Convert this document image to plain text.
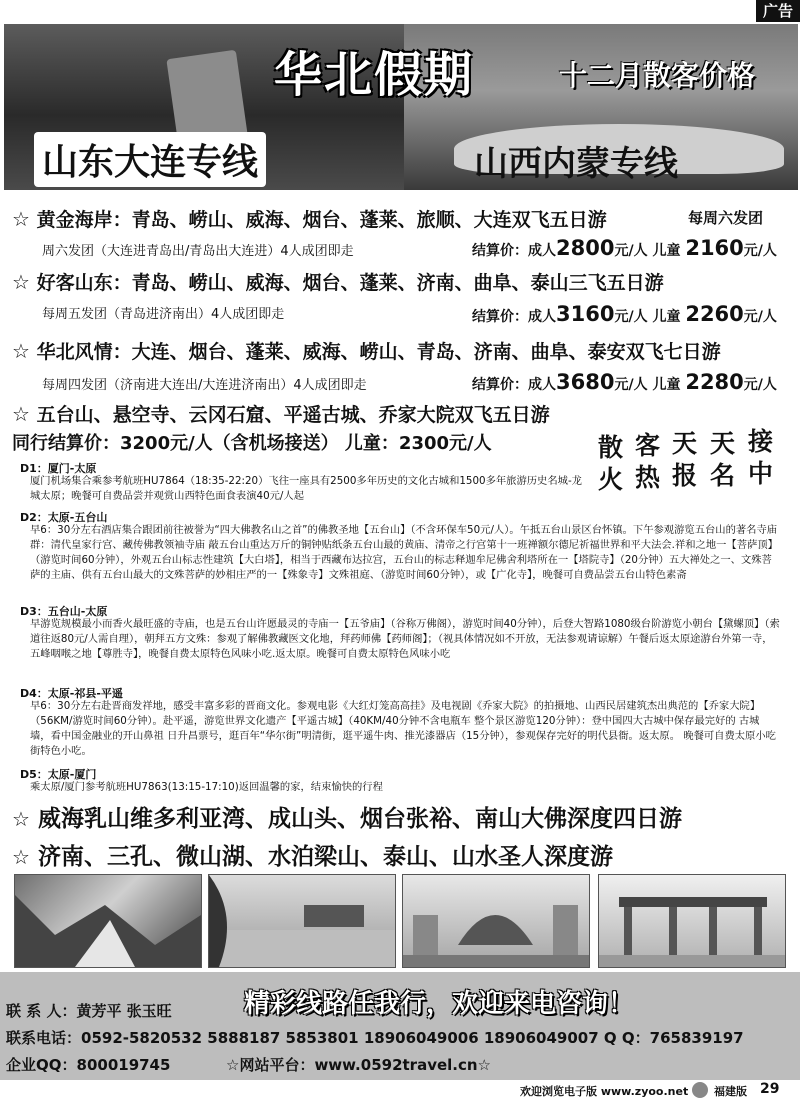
广告
华北假期	十二月散客价格
山东大连专线	山西内蒙专线
☆ 黄金海岸：青岛、崂山、威海、烟台、蓬莱、旅顺、大连双飞五日游	每周六发团
周六发团（大连进青岛出/青岛出大连进）4人成团即走	结算价：成人2800元/人 儿童 2160元/人
☆ 好客山东：青岛、崂山、威海、烟台、蓬莱、济南、曲阜、泰山三飞五日游
每周五发团（青岛进济南出）4人成团即走	结算价：成人3160元/人 儿童 2260元/人
☆ 华北风情：大连、烟台、蓬莱、威海、崂山、青岛、济南、曲阜、泰安双飞七日游
每周四发团（济南进大连出/大连进济南出）4人成团即走	结算价：成人3680元/人 儿童 2280元/人
☆ 五台山、悬空寺、云冈石窟、平遥古城、乔家大院双飞五日游
同行结算价：3200元/人（含机场接送） 儿童：2300元/人	散 客 天 天 接
火 热 报 名 中
D1：厦门-太原
厦门机场集合乘参考航班HU7864（18:35-22:20）飞往一座具有2500多年历史的文化古城和1500多年旅游历史名城-龙城太原；晚餐可自费品尝并观赏山西特色面食表演40元/人起
D2：太原-五台山
早6：30分左右酒店集合跟团前往被誉为“四大佛教名山之首”的佛教圣地【五台山】（不含环保车50元/人）。午抵五台山景区台怀镇。下午参观游览五台山的著名寺庙群：清代皇家行宫、藏传佛教领袖寺庙 敲五台山重达万斤的铜钟贴纸条五台山最的黄庙、清帝之行宫第十一班禅额尔德尼祈福世界和平大法会.祥和之地一【菩萨顶】（游览时间60分钟），外观五台山标志性建筑【大白塔】，相当于西藏布达拉宫，五台山的标志释迦牟尼佛舍利塔所在一【塔院寺】（20分钟）五大禅处之一、文殊菩萨的主庙、供有五台山最大的文殊菩萨的妙相庄严的一【殊象寺】文殊祖庭、（游览时间60分钟），或【广化寺】，晚餐可自费品尝五台山特色素斋
D3：五台山-太原
早游览规模最小而香火最旺盛的寺庙，也是五台山许愿最灵的寺庙一【五爷庙】（谷称万佛阁），游览时间40分钟），后登大智路1080级台阶游览小朝台【黛螺顶】（索道往返80元/人需自理），朝拜五方文殊：参观了解佛教藏医文化地，拜药师佛【药师阁】；（视具体情况如不开放，无法参观请谅解）午餐后返太原途游台外第一寺，五峰咽喉之地【尊胜寺】，晚餐自费太原特色风味小吃.返太原。晚餐可自费太原特色风味小吃
D4：太原-祁县-平遥
早6：30分左右赴晋商发祥地，感受丰富多彩的晋商文化。参观电影《大红灯笼高高挂》及电视剧《乔家大院》的拍摄地、山西民居建筑杰出典范的【乔家大院】（56KM/游览时间60分钟）。赴平遥，游览世界文化遗产【平遥古城】（40KM/40分钟不含电瓶车 整个景区游览120分钟）：登中国四大古城中保存最完好的 古城墙，看中国金融业的开山鼻祖 日升昌票号，逛百年“华尔街”明清街，逛平遥牛肉、推光漆器店（15分钟），参观保存完好的明代县衙。返太原。 晚餐可自费太原小吃街特色小吃。
D5：太原-厦门
乘太原/厦门参考航班HU7863(13:15-17:10)返回温馨的家，结束愉快的行程
☆ 威海乳山维多利亚湾、成山头、烟台张裕、南山大佛深度四日游
☆ 济南、三孔、微山湖、水泊梁山、泰山、山水圣人深度游
联 系 人：黄芳平 张玉旺	精彩线路任我行，欢迎来电咨询！
联系电话：0592-5820532 5888187 5853801 18906049006 18906049007 Q Q：765839197
企业QQ：800019745	☆网站平台：www.0592travel.cn☆
欢迎浏览电子版 www.zyoo.net 福建版 29
